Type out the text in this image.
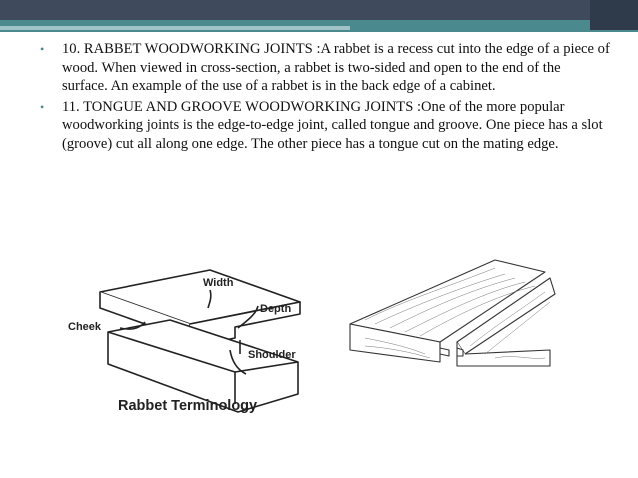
• 10. RABBET WOODWORKING JOINTS :A rabbet is a recess cut into the edge of a piece of wood. When viewed in cross-section, a rabbet is two-sided and open to the end of the surface. An example of the use of a rabbet is in the back edge of a cabinet.
• 11. TONGUE AND GROOVE WOODWORKING JOINTS :One of the more popular woodworking joints is the edge-to-edge joint, called tongue and groove. One piece has a slot (groove) cut all along one edge. The other piece has a tongue cut on the mating edge.
Width
Depth
Cheek
Shoulder
Rabbet Terminology
